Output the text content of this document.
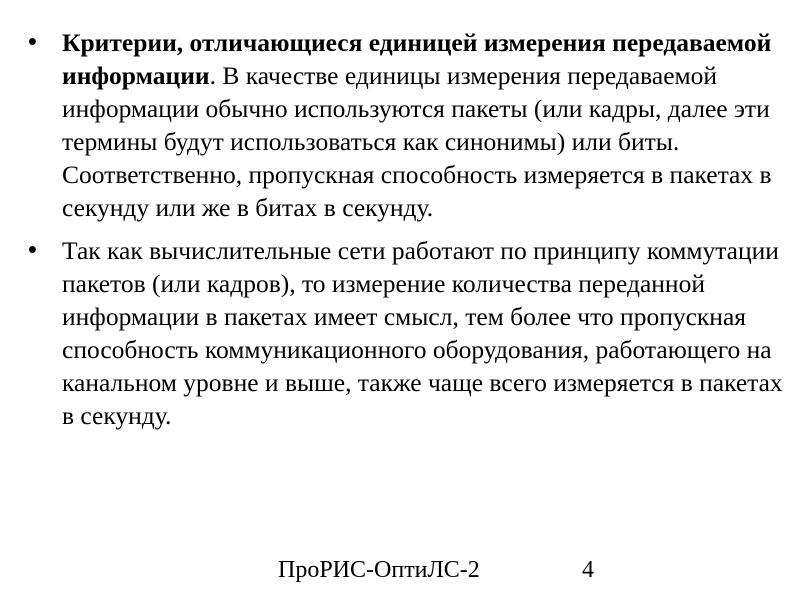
• Критерии, отличающиеся единицей измерения передаваемой информации. В качестве единицы измерения передаваемой информации обычно используются пакеты (или кадры, далее эти термины будут использоваться как синонимы) или биты. Соответственно, пропускная способность измеряется в пакетах в секунду или же в битах в секунду.
• Так как вычислительные сети работают по принципу коммутации пакетов (или кадров), то измерение количества переданной информации в пакетах имеет смысл, тем более что пропускная способность коммуникационного оборудования, работающего на канальном уровне и выше, также чаще всего измеряется в пакетах в секунду.
ПроРИС-ОптиЛС-2	4
